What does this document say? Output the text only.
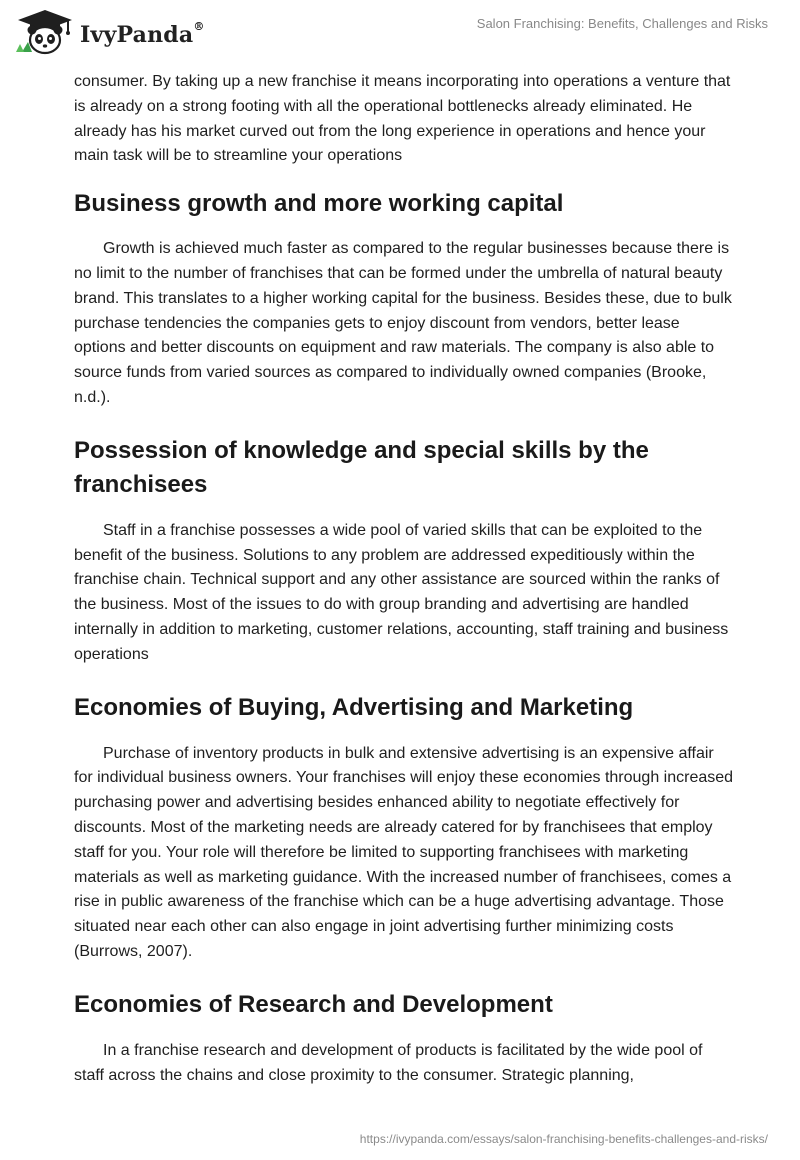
IvyPanda®	Salon Franchising: Benefits, Challenges and Risks

consumer. By taking up a new franchise it means incorporating into operations a venture that is already on a strong footing with all the operational bottlenecks already eliminated. He already has his market curved out from the long experience in operations and hence your main task will be to streamline your operations

Business growth and more working capital

Growth is achieved much faster as compared to the regular businesses because there is no limit to the number of franchises that can be formed under the umbrella of natural beauty brand. This translates to a higher working capital for the business. Besides these, due to bulk purchase tendencies the companies gets to enjoy discount from vendors, better lease options and better discounts on equipment and raw materials. The company is also able to source funds from varied sources as compared to individually owned companies (Brooke, n.d.).

Possession of knowledge and special skills by the franchisees

Staff in a franchise possesses a wide pool of varied skills that can be exploited to the benefit of the business. Solutions to any problem are addressed expeditiously within the franchise chain. Technical support and any other assistance are sourced within the ranks of the business. Most of the issues to do with group branding and advertising are handled internally in addition to marketing, customer relations, accounting, staff training and business operations

Economies of Buying, Advertising and Marketing

Purchase of inventory products in bulk and extensive advertising is an expensive affair for individual business owners. Your franchises will enjoy these economies through increased purchasing power and advertising besides enhanced ability to negotiate effectively for discounts. Most of the marketing needs are already catered for by franchisees that employ staff for you. Your role will therefore be limited to supporting franchisees with marketing materials as well as marketing guidance. With the increased number of franchisees, comes a rise in public awareness of the franchise which can be a huge advertising advantage. Those situated near each other can also engage in joint advertising further minimizing costs (Burrows, 2007).

Economies of Research and Development

In a franchise research and development of products is facilitated by the wide pool of staff across the chains and close proximity to the consumer. Strategic planning,

https://ivypanda.com/essays/salon-franchising-benefits-challenges-and-risks/
